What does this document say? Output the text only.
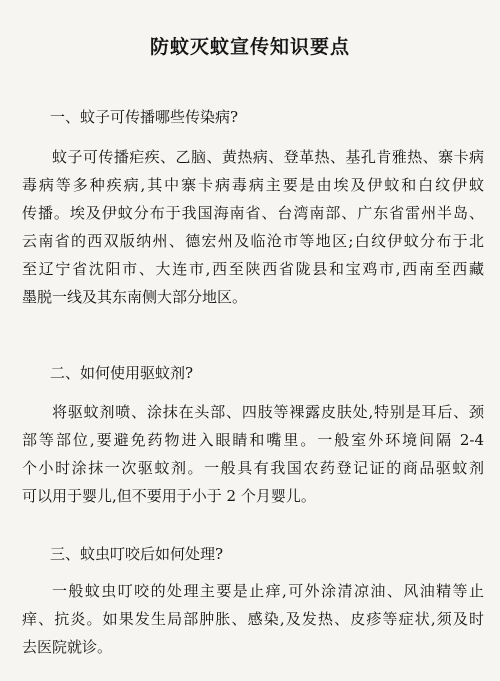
防蚊灭蚊宣传知识要点
一、蚊子可传播哪些传染病?
蚊子可传播疟疾、乙脑、黄热病、登革热、基孔肯雅热、寨卡病
毒病等多种疾病,其中寨卡病毒病主要是由埃及伊蚊和白纹伊蚊
传播。埃及伊蚊分布于我国海南省、台湾南部、广东省雷州半岛、
云南省的西双版纳州、德宏州及临沧市等地区;白纹伊蚊分布于北
至辽宁省沈阳市、大连市,西至陕西省陇县和宝鸡市,西南至西藏
墨脱一线及其东南侧大部分地区。
二、如何使用驱蚊剂?
将驱蚊剂喷、涂抹在头部、四肢等裸露皮肤处,特别是耳后、颈
部等部位,要避免药物进入眼睛和嘴里。一般室外环境间隔 2-4
个小时涂抹一次驱蚊剂。一般具有我国农药登记证的商品驱蚊剂
可以用于婴儿,但不要用于小于 2 个月婴儿。
三、蚊虫叮咬后如何处理?
一般蚊虫叮咬的处理主要是止痒,可外涂清凉油、风油精等止
痒、抗炎。如果发生局部肿胀、感染,及发热、皮疹等症状,须及时
去医院就诊。
